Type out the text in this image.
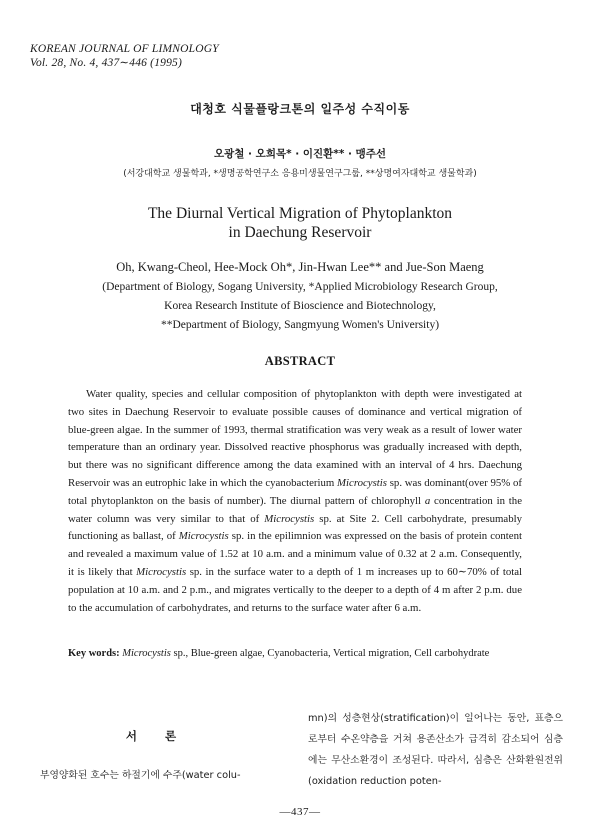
KOREAN JOURNAL OF LIMNOLOGY
Vol. 28, No. 4, 437∼446 (1995)
대청호 식물플랑크톤의 일주성 수직이동
오광철 · 오희목* · 이진환** · 맹주선
(서강대학교 생물학과, *생명공학연구소 응용미생물연구그룹, **상명여자대학교 생물학과)
The Diurnal Vertical Migration of Phytoplankton
in Daechung Reservoir
Oh, Kwang-Cheol, Hee-Mock Oh*, Jin-Hwan Lee** and Jue-Son Maeng
(Department of Biology, Sogang University, *Applied Microbiology Research Group,
Korea Research Institute of Bioscience and Biotechnology,
**Department of Biology, Sangmyung Women's University)
ABSTRACT

Water quality, species and cellular composition of phytoplankton with depth were investigated at two sites in Daechung Reservoir to evaluate possible causes of dominance and vertical migration of blue-green algae. In the summer of 1993, thermal stratification was very weak as a result of lower water temperature than an ordinary year. Dissolved reactive phosphorus was gradually increased with depth, but there was no significant difference among the data examined with an interval of 4 hrs. Daechung Reservoir was an eutrophic lake in which the cyanobacterium Microcystis sp. was dominant(over 95% of total phytoplankton on the basis of number). The diurnal pattern of chlorophyll a concentration in the water column was very similar to that of Microcystis sp. at Site 2. Cell carbohydrate, presumably functioning as ballast, of Microcystis sp. in the epilimnion was expressed on the basis of protein content and revealed a maximum value of 1.52 at 10 a.m. and a minimum value of 0.32 at 2 a.m. Consequently, it is likely that Microcystis sp. in the surface water to a depth of 1 m increases up to 60∼70% of total population at 10 a.m. and 2 p.m., and migrates vertically to the deeper to a depth of 4 m after 2 p.m. due to the accumulation of carbohydrates, and returns to the surface water after 6 a.m.

Key words: Microcystis sp., Blue-green algae, Cyanobacteria, Vertical migration, Cell carbohydrate
서론
부영양화된 호수는 하절기에 수주(water colu-

mn)의 성층현상(stratification)이 일어나는 동안, 표층으로부터 수온약층을 거쳐 용존산소가 급격히 감소되어 심층에는 무산소환경이 조성된다. 따라서, 심층은 산화환원전위(oxidation reduction poten-

—437—
